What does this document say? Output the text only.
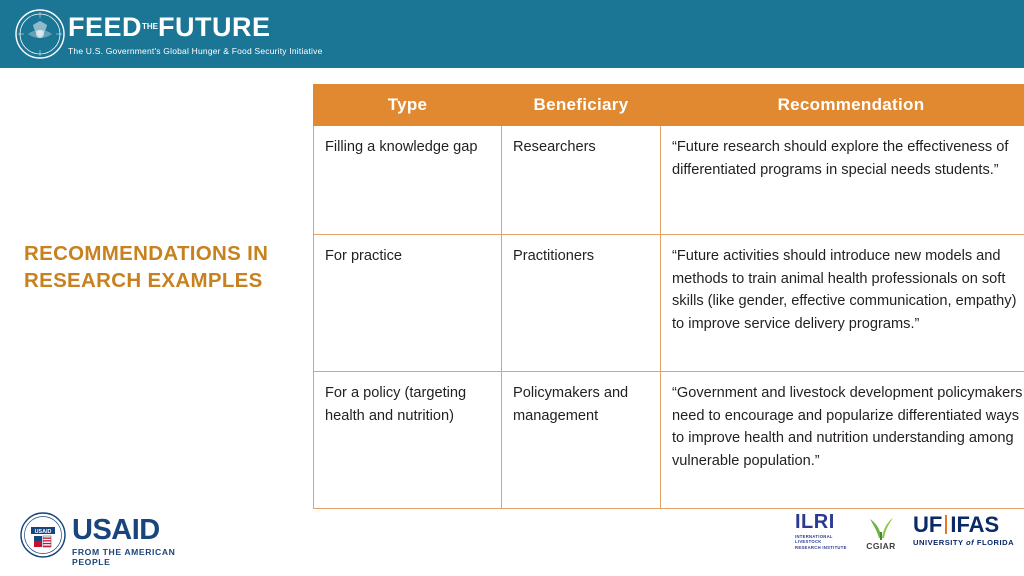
FEEDTHEFUTURE
The U.S. Government's Global Hunger & Food Security Initiative
RECOMMENDATIONS IN RESEARCH EXAMPLES
Type	Beneficiary	Recommendation
Filling a knowledge gap	Researchers	“Future research should explore the effectiveness of differentiated programs in special needs students.”
For practice	Practitioners	“Future activities should introduce new models and methods to train animal health professionals on soft skills (like gender, effective communication, empathy) to improve service delivery programs.”
For a policy (targeting health and nutrition)	Policymakers and management	“Government and livestock development policymakers need to encourage and popularize differentiated ways to improve health and nutrition understanding among vulnerable population.”
USAID USAID
FROM THE AMERICAN PEOPLE
ILRI
INTERNATIONAL LIVESTOCK RESEARCH INSTITUTE	CGIAR
UF IFAS
UNIVERSITY of FLORIDA
